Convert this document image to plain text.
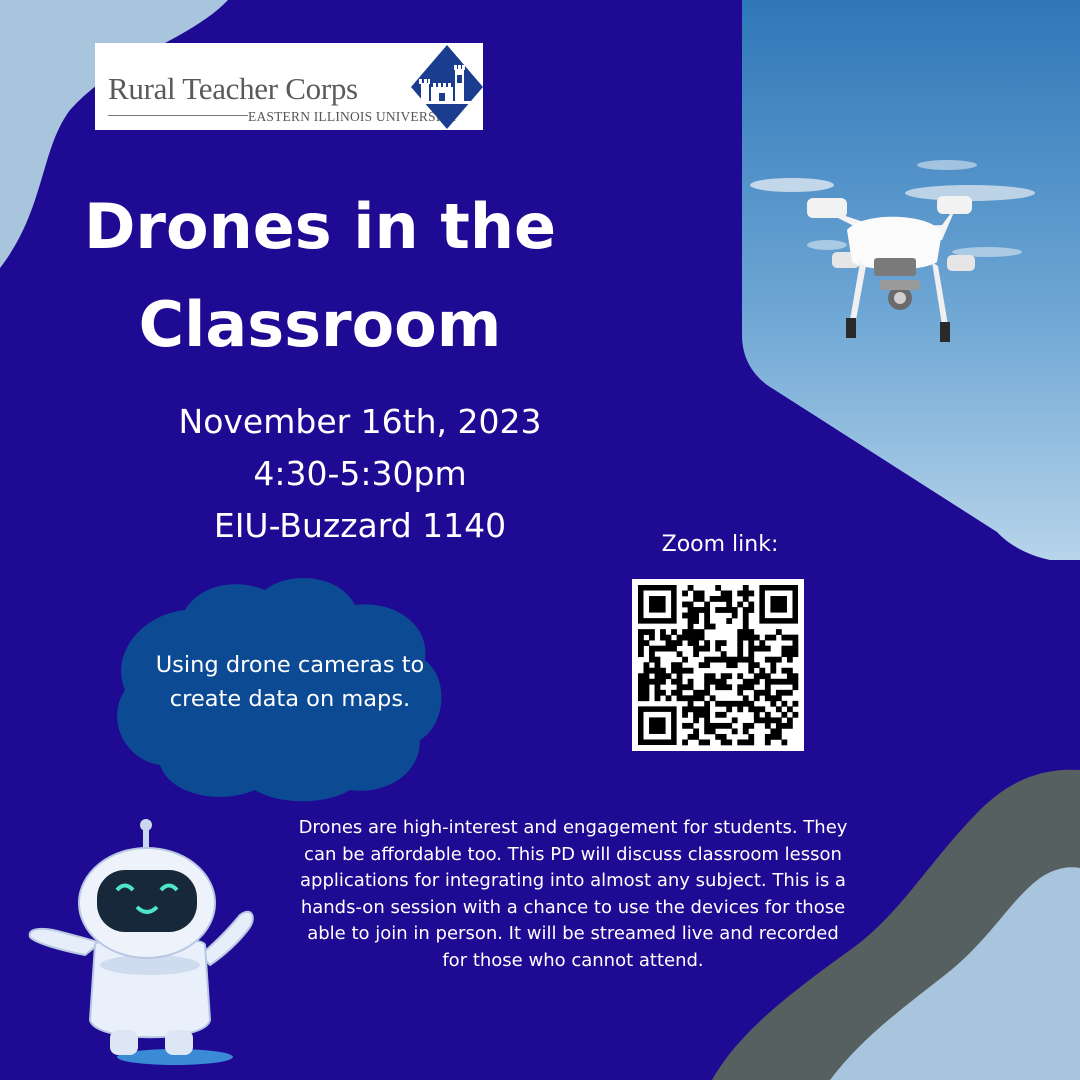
Rural Teacher Corps
EASTERN ILLINOIS UNIVERSITY
Drones in the Classroom
November 16th, 2023
4:30-5:30pm
EIU-Buzzard 1140	Zoom link:
Using drone cameras to create data on maps.
Drones are high-interest and engagement for students. They can be affordable too. This PD will discuss classroom lesson applications for integrating into almost any subject. This is a hands-on session with a chance to use the devices for those able to join in person. It will be streamed live and recorded for those who cannot attend.
